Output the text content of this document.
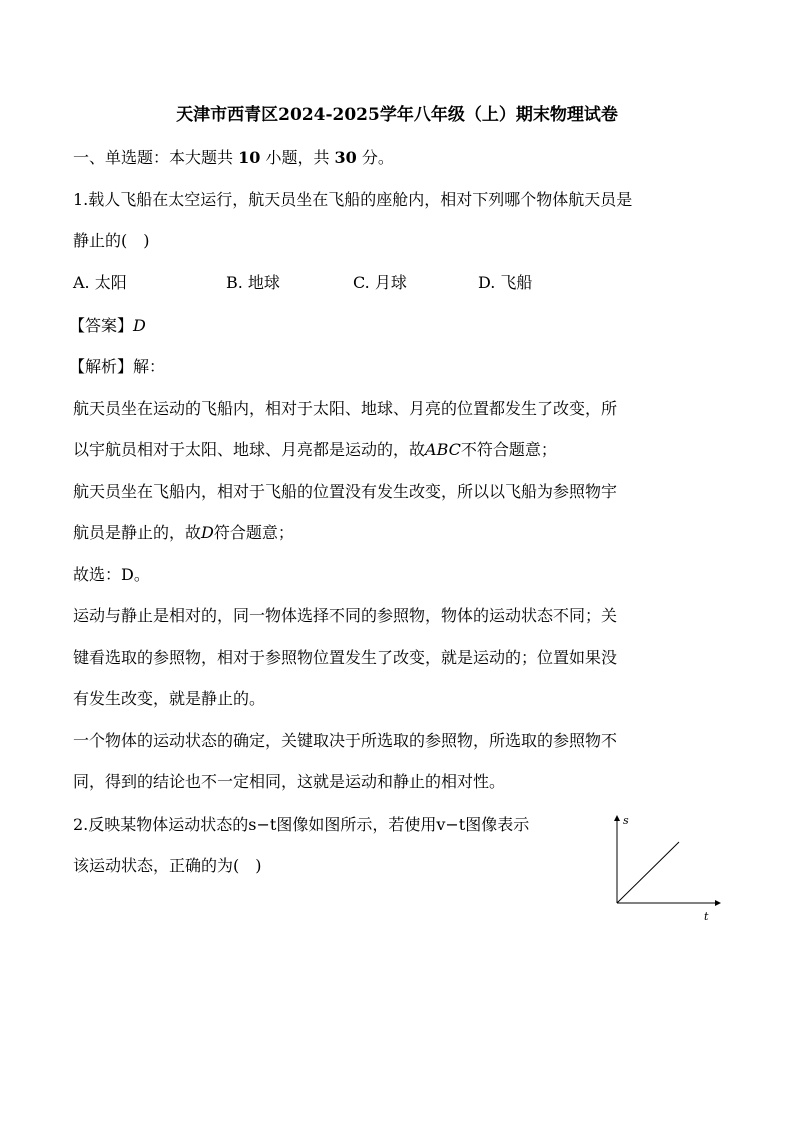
天津市西青区2024-2025学年八年级（上）期末物理试卷
一、单选题：本大题共 10 小题，共 30 分。
1.载人飞船在太空运行，航天员坐在飞船的座舱内，相对下列哪个物体航天员是
静止的(　)
A. 太阳	B. 地球	C. 月球	D. 飞船
【答案】D
【解析】解：
航天员坐在运动的飞船内，相对于太阳、地球、月亮的位置都发生了改变，所
以宇航员相对于太阳、地球、月亮都是运动的，故ABC不符合题意；
航天员坐在飞船内，相对于飞船的位置没有发生改变，所以以飞船为参照物宇
航员是静止的，故D符合题意；
故选：D。
运动与静止是相对的，同一物体选择不同的参照物，物体的运动状态不同；关
键看选取的参照物，相对于参照物位置发生了改变，就是运动的；位置如果没
有发生改变，就是静止的。
一个物体的运动状态的确定，关键取决于所选取的参照物，所选取的参照物不
同，得到的结论也不一定相同，这就是运动和静止的相对性。
2.反映某物体运动状态的s−t图像如图所示，若使用v−t图像表示
该运动状态，正确的为(　)
s
t
